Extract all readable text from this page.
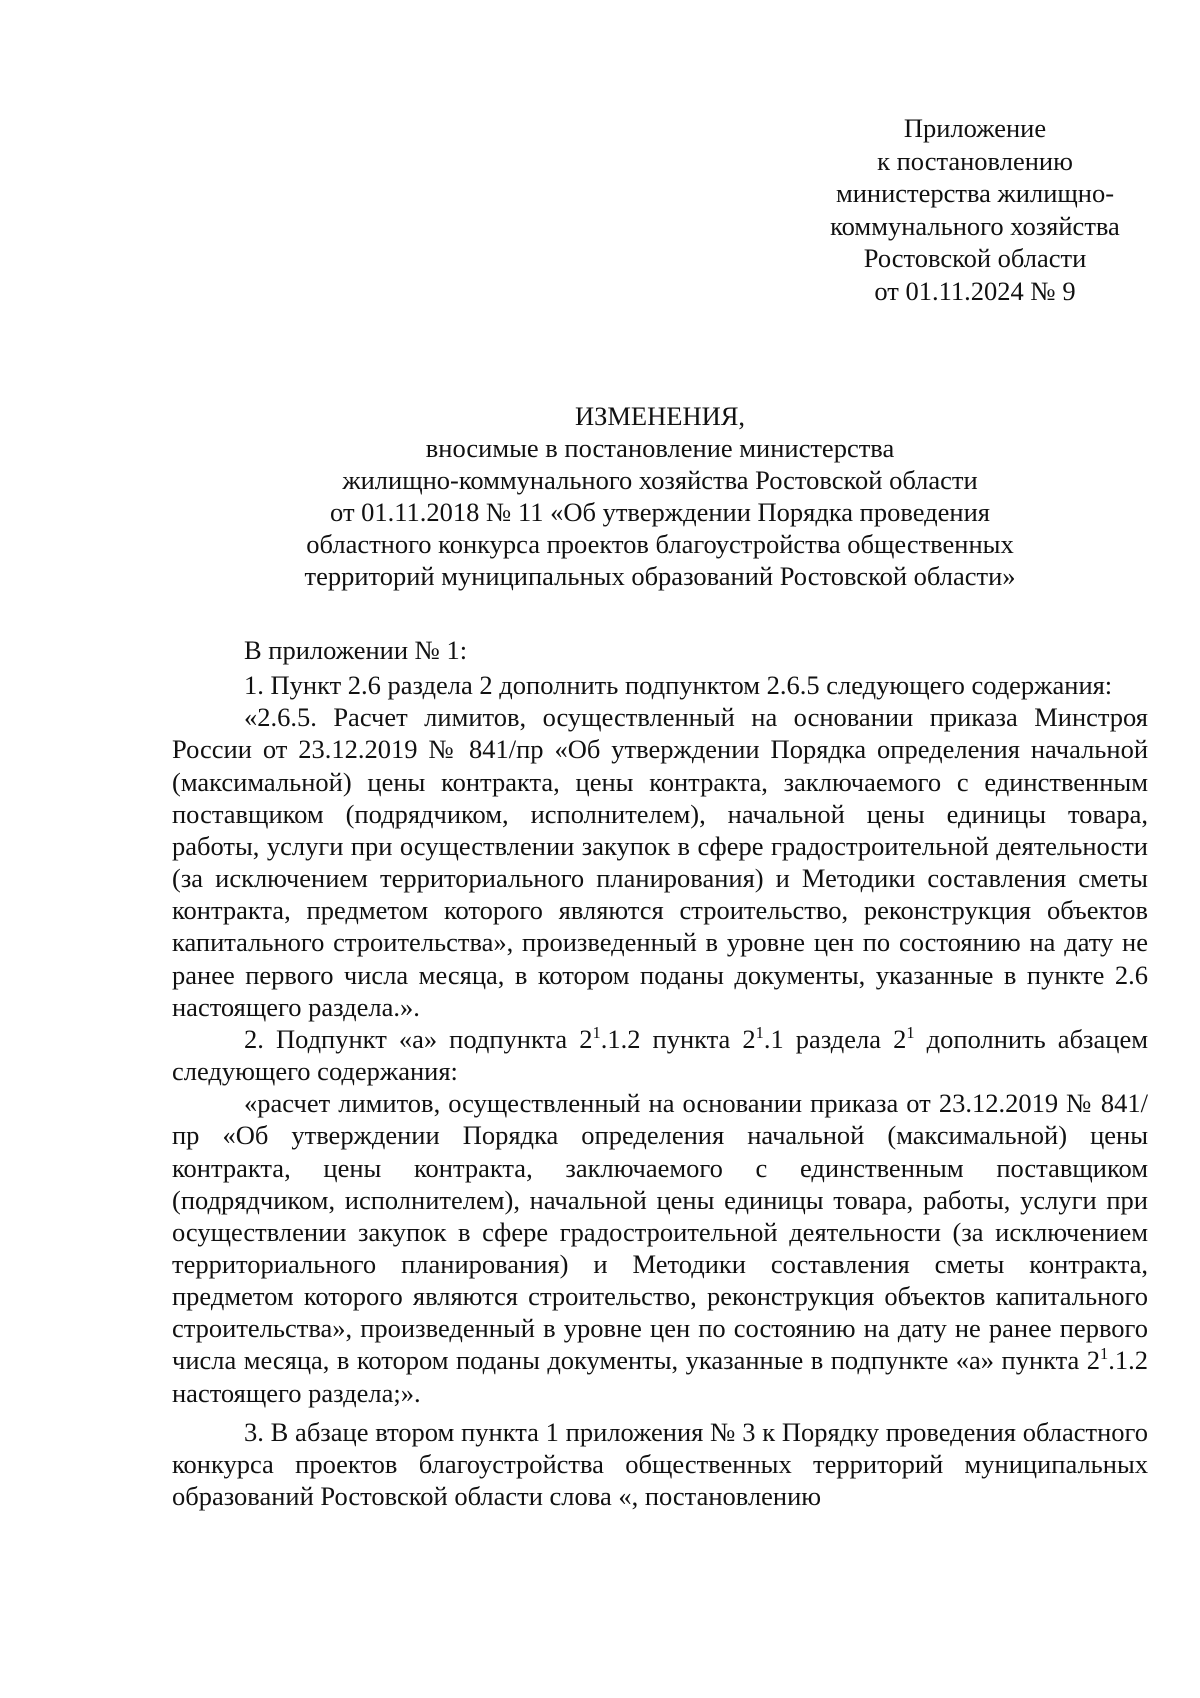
Приложение
к постановлению
министерства жилищно-
коммунального хозяйства
Ростовской области
от 01.11.2024 № 9
ИЗМЕНЕНИЯ,
вносимые в постановление министерства
жилищно-коммунального хозяйства Ростовской области
от 01.11.2018 № 11 «Об утверждении Порядка проведения
областного конкурса проектов благоустройства общественных
территорий муниципальных образований Ростовской области»

В приложении № 1:

1. Пункт 2.6 раздела 2 дополнить подпунктом 2.6.5 следующего содержания:

«2.6.5. Расчет лимитов, осуществленный на основании приказа Минстроя России от 23.12.2019 № 841/пр «Об утверждении Порядка определения начальной (максимальной) цены контракта, цены контракта, заключаемого с единственным поставщиком (подрядчиком, исполнителем), начальной цены единицы товара, работы, услуги при осуществлении закупок в сфере градостроительной деятельности (за исключением территориального планирования) и Методики составления сметы контракта, предметом которого являются строительство, реконструкция объектов капитального строительства», произведенный в уровне цен по состоянию на дату не ранее первого числа месяца, в котором поданы документы, указанные в пункте 2.6 настоящего раздела.».

2. Подпункт «а» подпункта $2^1.1.2$ пункта $2^1.1$ раздела $2^1$ дополнить абзацем следующего содержания:

«расчет лимитов, осуществленный на основании приказа от 23.12.2019 № 841/пр «Об утверждении Порядка определения начальной (максимальной) цены контракта, цены контракта, заключаемого с единственным поставщиком (подрядчиком, исполнителем), начальной цены единицы товара, работы, услуги при осуществлении закупок в сфере градостроительной деятельности (за исключением территориального планирования) и Методики составления сметы контракта, предметом которого являются строительство, реконструкция объектов капитального строительства», произведенный в уровне цен по состоянию на дату не ранее первого числа месяца, в котором поданы документы, указанные в подпункте «а» пункта $2^1.1.2$ настоящего раздела;».

3. В абзаце втором пункта 1 приложения № 3 к Порядку проведения областного конкурса проектов благоустройства общественных территорий муниципальных образований Ростовской области слова «, постановлению
